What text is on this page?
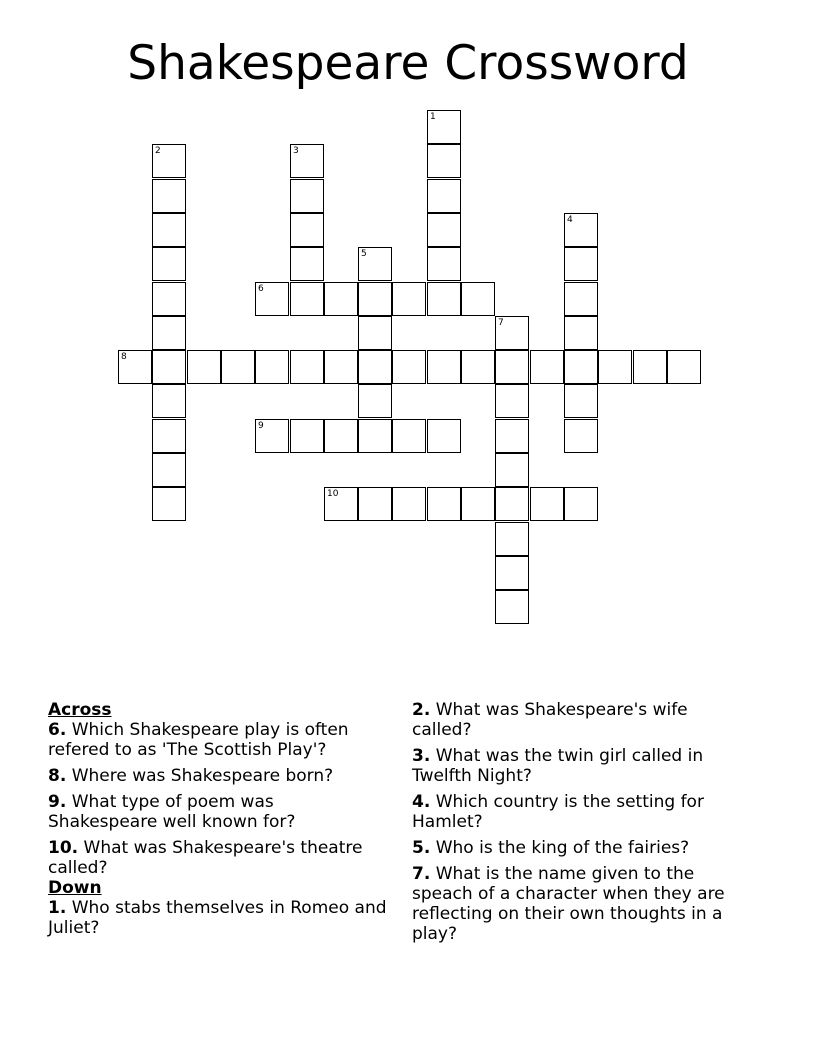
Shakespeare Crossword
1
2	3
4
5
6
7
8
9
10

Across

6. Which Shakespeare play is often refered to as 'The Scottish Play'?

8. Where was Shakespeare born?

9. What type of poem was Shakespeare well known for?

10. What was Shakespeare's theatre called?

Down

1. Who stabs themselves in Romeo and Juliet?

2. What was Shakespeare's wife called?

3. What was the twin girl called in Twelfth Night?

4. Which country is the setting for Hamlet?

5. Who is the king of the fairies?

7. What is the name given to the speach of a character when they are reflecting on their own thoughts in a play?
